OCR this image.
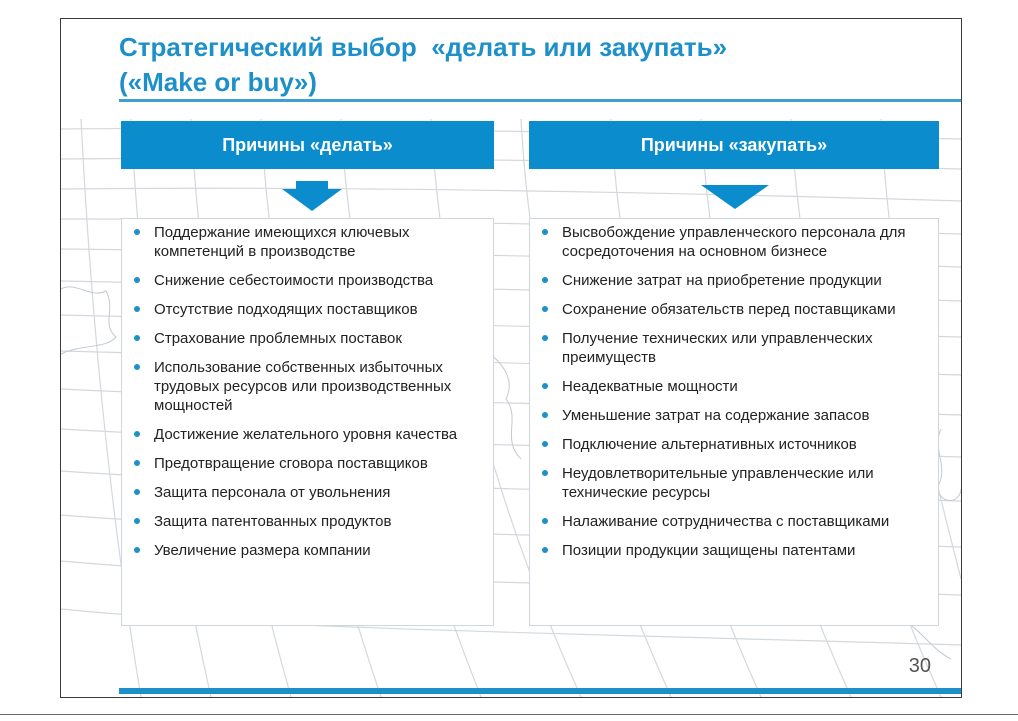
Стратегический выбор  «делать или закупать»
(«Make or buy»)
Причины «делать»	Причины «закупать»
Поддержание имеющихся ключевых компетенций в производстве
Снижение себестоимости производства
Отсутствие подходящих поставщиков
Страхование проблемных поставок
Использование собственных избыточных трудовых ресурсов или производственных мощностей
Достижение желательного уровня качества
Предотвращение сговора поставщиков
Защита персонала от увольнения
Защита патентованных продуктов
Увеличение размера компании
Высвобождение управленческого персонала для сосредоточения на основном бизнесе
Снижение затрат на приобретение продукции
Сохранение обязательств перед поставщиками
Получение технических или управленческих преимуществ
Неадекватные мощности
Уменьшение затрат на содержание запасов
Подключение альтернативных источников
Неудовлетворительные управленческие или технические ресурсы
Налаживание сотрудничества с поставщиками
Позиции продукции защищены патентами
30
